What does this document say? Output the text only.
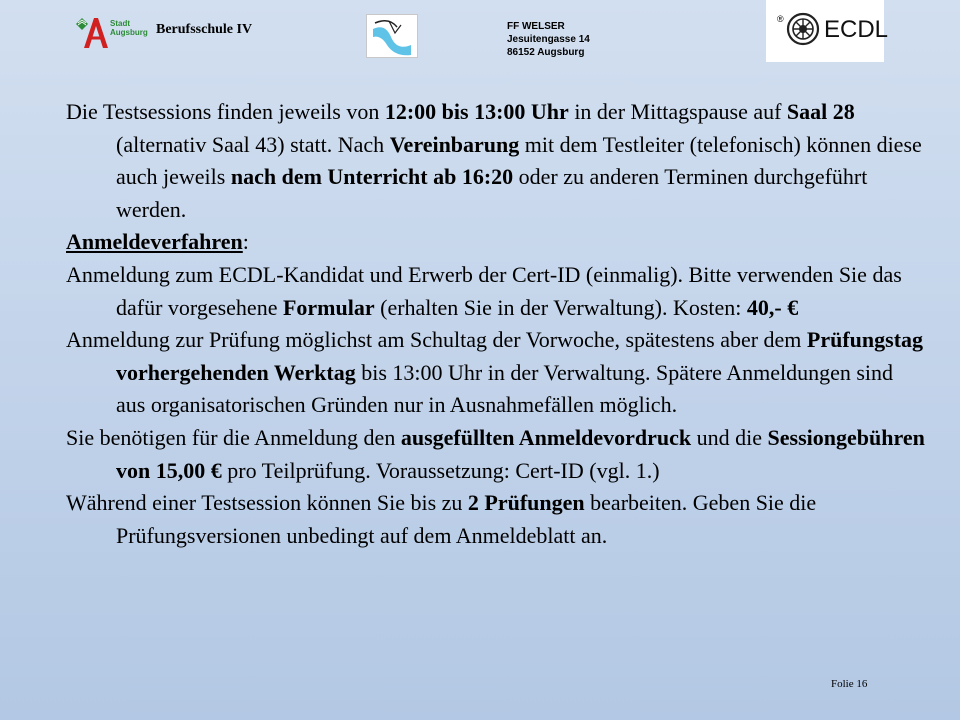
Stadt
Augsburg Berufsschule IV	FF WELSER
Jesuitengasse 14
86152 Augsburg
® ECDL

Die Testsessions finden jeweils von 12:00 bis 13:00 Uhr in der Mittagspause auf Saal 28 (alternativ Saal 43) statt. Nach Vereinbarung mit dem Testleiter (telefonisch) können diese auch jeweils nach dem Unterricht ab 16:20 oder zu anderen Terminen durchgeführt werden.

Anmeldeverfahren:

Anmeldung zum ECDL-Kandidat und Erwerb der Cert-ID (einmalig). Bitte verwenden Sie das dafür vorgesehene Formular (erhalten Sie in der Verwaltung). Kosten: 40,- €

Anmeldung zur Prüfung möglichst am Schultag der Vorwoche, spätestens aber dem Prüfungstag vorhergehenden Werktag bis 13:00 Uhr in der Verwaltung. Spätere Anmeldungen sind aus organisatorischen Gründen nur in Ausnahmefällen möglich.

Sie benötigen für die Anmeldung den ausgefüllten Anmeldevordruck und die Sessiongebühren von 15,00 € pro Teilprüfung. Voraussetzung: Cert-ID (vgl. 1.)

Während einer Testsession können Sie bis zu 2 Prüfungen bearbeiten. Geben Sie die Prüfungsversionen unbedingt auf dem Anmeldeblatt an.

Folie 16
